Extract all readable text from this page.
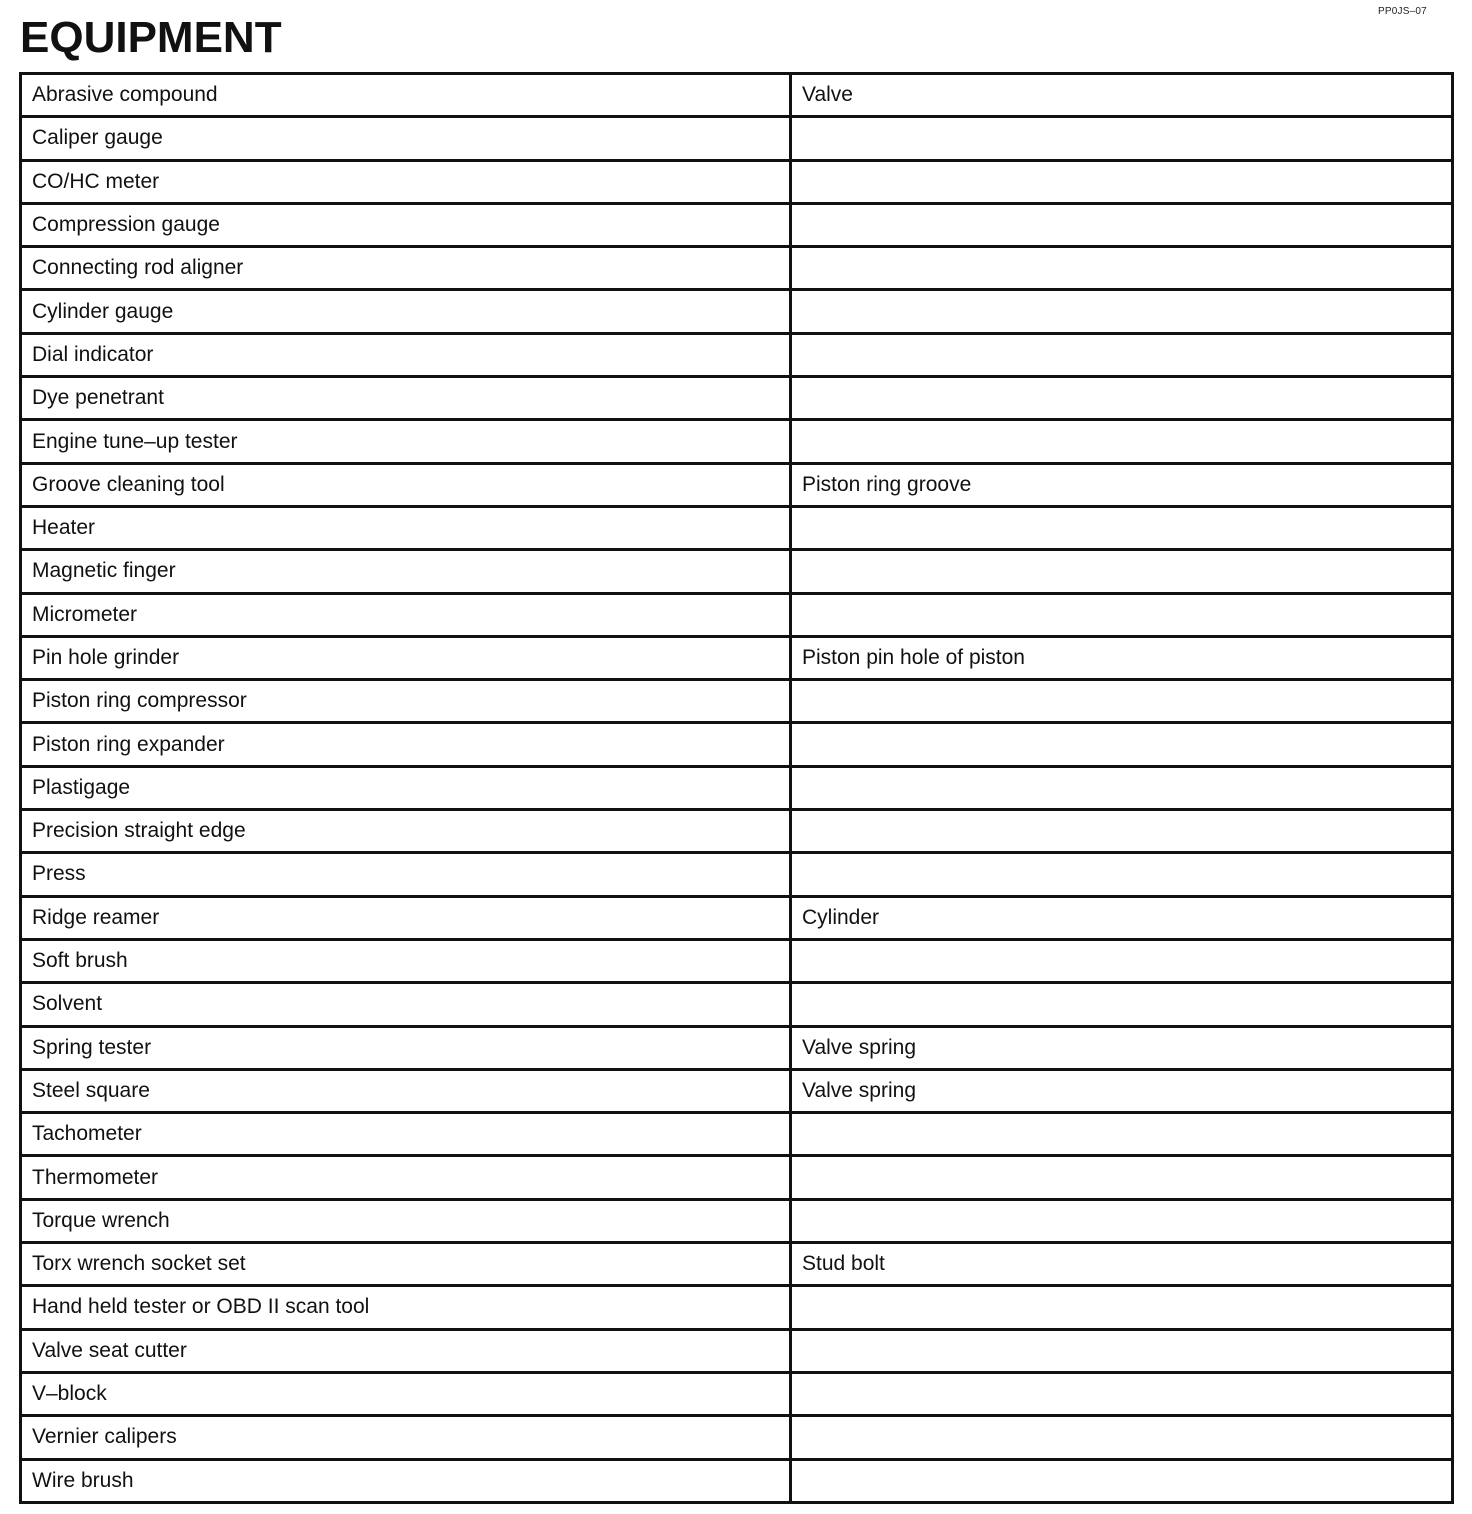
PP0JS–07
EQUIPMENT
Abrasive compound	Valve
Caliper gauge	
CO/HC meter	
Compression gauge	
Connecting rod aligner	
Cylinder gauge	
Dial indicator	
Dye penetrant	
Engine tune–up tester	
Groove cleaning tool	Piston ring groove
Heater	
Magnetic finger	
Micrometer	
Pin hole grinder	Piston pin hole of piston
Piston ring compressor	
Piston ring expander	
Plastigage	
Precision straight edge	
Press	
Ridge reamer	Cylinder
Soft brush	
Solvent	
Spring tester	Valve spring
Steel square	Valve spring
Tachometer	
Thermometer	
Torque wrench	
Torx wrench socket set	Stud bolt
Hand held tester or OBD II scan tool	
Valve seat cutter	
V–block	
Vernier calipers	
Wire brush	
